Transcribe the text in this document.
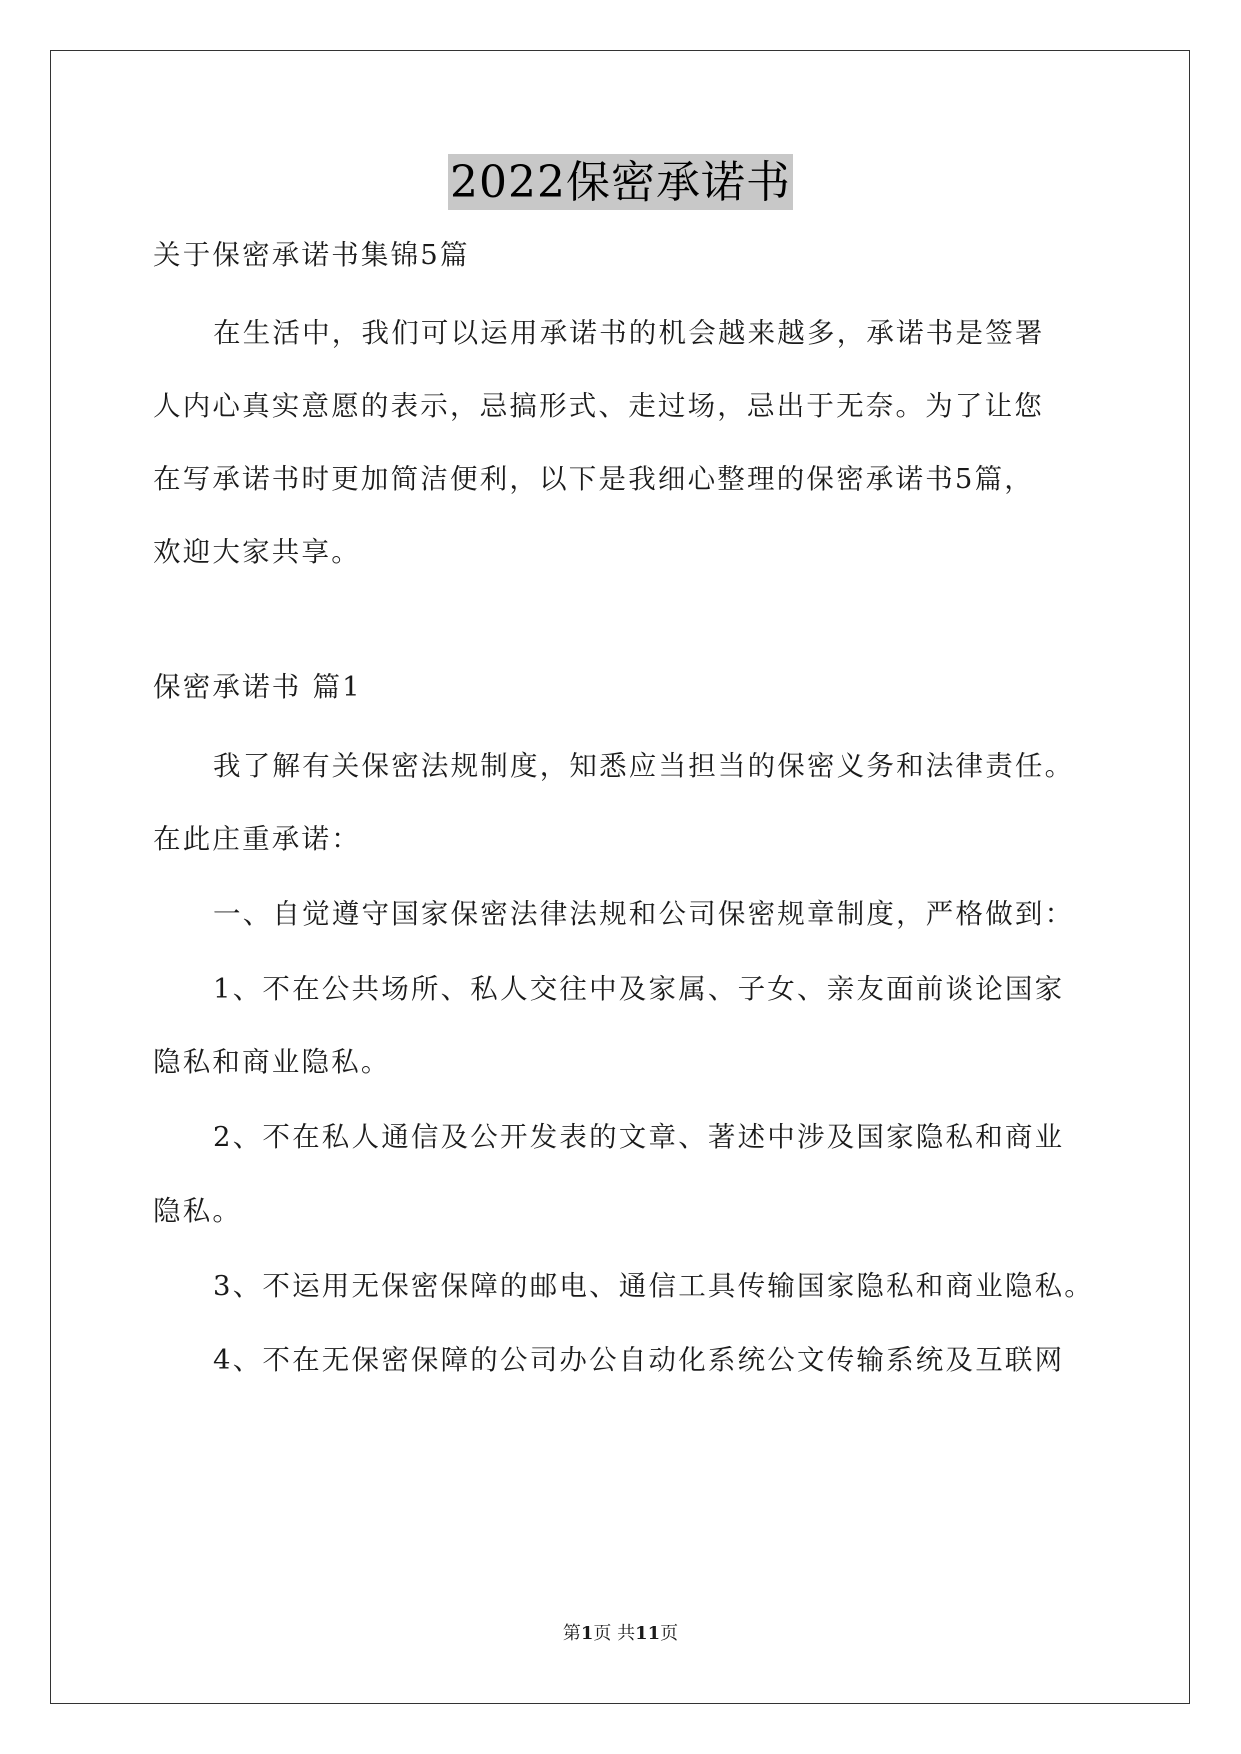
2022保密承诺书
关于保密承诺书集锦5篇
在生活中，我们可以运用承诺书的机会越来越多，承诺书是签署
人内心真实意愿的表示，忌搞形式、走过场，忌出于无奈。为了让您
在写承诺书时更加简洁便利，以下是我细心整理的保密承诺书5篇，
欢迎大家共享。
保密承诺书 篇1
我了解有关保密法规制度，知悉应当担当的保密义务和法律责任。
在此庄重承诺：
一、自觉遵守国家保密法律法规和公司保密规章制度，严格做到：
1、不在公共场所、私人交往中及家属、子女、亲友面前谈论国家
隐私和商业隐私。
2、不在私人通信及公开发表的文章、著述中涉及国家隐私和商业
隐私。
3、不运用无保密保障的邮电、通信工具传输国家隐私和商业隐私。
4、不在无保密保障的公司办公自动化系统公文传输系统及互联网
第1页 共11页
